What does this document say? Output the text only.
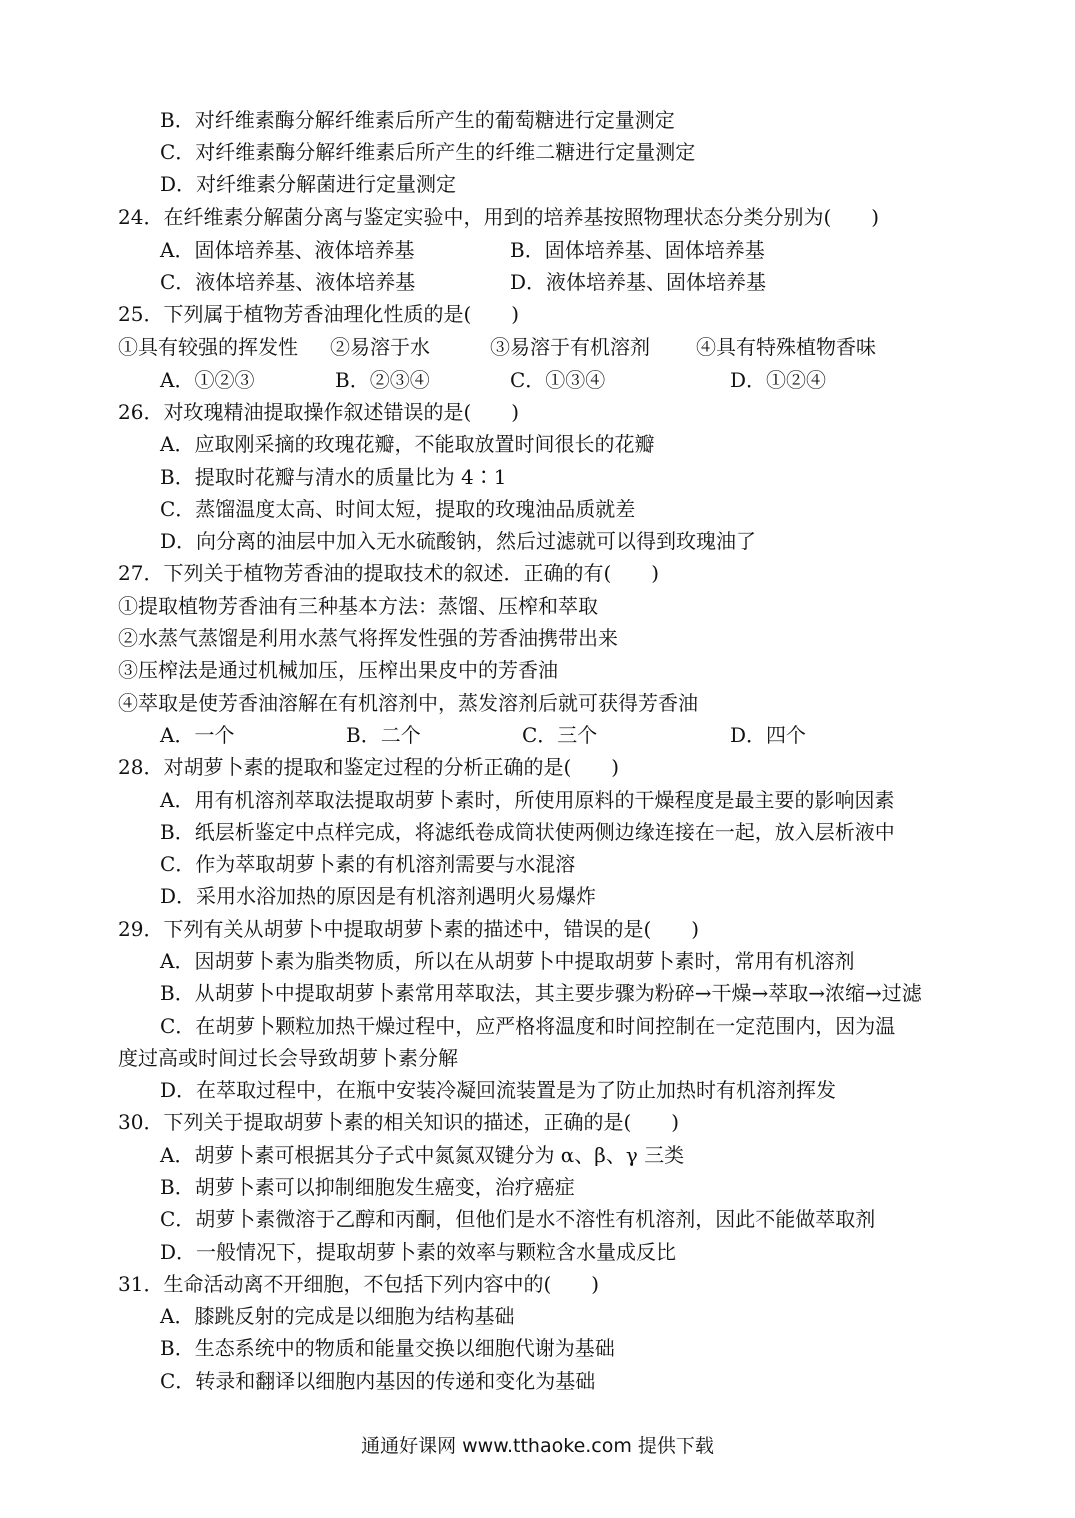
B．对纤维素酶分解纤维素后所产生的葡萄糖进行定量测定
C．对纤维素酶分解纤维素后所产生的纤维二糖进行定量测定
D．对纤维素分解菌进行定量测定
24．在纤维素分解菌分离与鉴定实验中，用到的培养基按照物理状态分类分别为(　　)
A．固体培养基、液体培养基	B．固体培养基、固体培养基
C．液体培养基、液体培养基	D．液体培养基、固体培养基
25．下列属于植物芳香油理化性质的是(　　)
①具有较强的挥发性 ②易溶于水	③易溶于有机溶剂 ④具有特殊植物香味
A．①②③	B．②③④	C．①③④	D．①②④
26．对玫瑰精油提取操作叙述错误的是(　　)
A．应取刚采摘的玫瑰花瓣，不能取放置时间很长的花瓣
B．提取时花瓣与清水的质量比为 4∶1
C．蒸馏温度太高、时间太短，提取的玫瑰油品质就差
D．向分离的油层中加入无水硫酸钠，然后过滤就可以得到玫瑰油了
27．下列关于植物芳香油的提取技术的叙述．正确的有(　　)
①提取植物芳香油有三种基本方法：蒸馏、压榨和萃取
②水蒸气蒸馏是利用水蒸气将挥发性强的芳香油携带出来
③压榨法是通过机械加压，压榨出果皮中的芳香油
④萃取是使芳香油溶解在有机溶剂中，蒸发溶剂后就可获得芳香油
A．一个	B．二个	C．三个	D．四个
28．对胡萝卜素的提取和鉴定过程的分析正确的是(　　)
A．用有机溶剂萃取法提取胡萝卜素时，所使用原料的干燥程度是最主要的影响因素
B．纸层析鉴定中点样完成，将滤纸卷成筒状使两侧边缘连接在一起，放入层析液中
C．作为萃取胡萝卜素的有机溶剂需要与水混溶
D．采用水浴加热的原因是有机溶剂遇明火易爆炸
29．下列有关从胡萝卜中提取胡萝卜素的描述中，错误的是(　　)
A．因胡萝卜素为脂类物质，所以在从胡萝卜中提取胡萝卜素时，常用有机溶剂
B．从胡萝卜中提取胡萝卜素常用萃取法，其主要步骤为粉碎→干燥→萃取→浓缩→过滤
C．在胡萝卜颗粒加热干燥过程中，应严格将温度和时间控制在一定范围内，因为温
度过高或时间过长会导致胡萝卜素分解
D．在萃取过程中，在瓶中安装冷凝回流装置是为了防止加热时有机溶剂挥发
30．下列关于提取胡萝卜素的相关知识的描述，正确的是(　　)
A．胡萝卜素可根据其分子式中氮氮双键分为 α、β、γ 三类
B．胡萝卜素可以抑制细胞发生癌变，治疗癌症
C．胡萝卜素微溶于乙醇和丙酮，但他们是水不溶性有机溶剂，因此不能做萃取剂
D．一般情况下，提取胡萝卜素的效率与颗粒含水量成反比
31．生命活动离不开细胞，不包括下列内容中的(　　)
A．膝跳反射的完成是以细胞为结构基础
B．生态系统中的物质和能量交换以细胞代谢为基础
C．转录和翻译以细胞内基因的传递和变化为基础
通通好课网 www.tthaoke.com 提供下载
